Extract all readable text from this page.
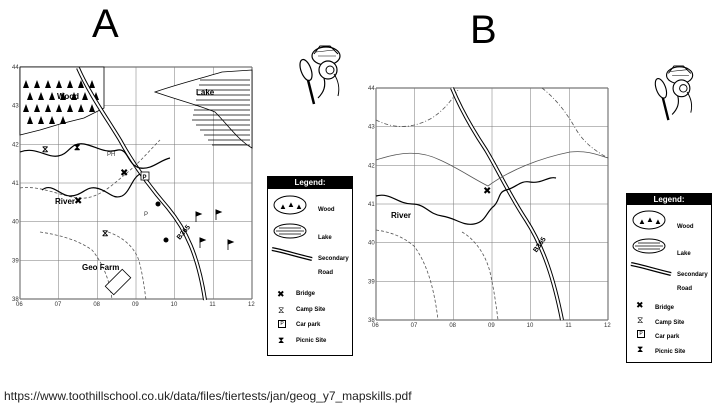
A	B
06	07	08	09	10	11	12
44
43
42
41
40
39
38
⧖	⧗
⧖
P
✖
✖
Wood	Lake
River
B365
Geo Farm
PH
P
06	07	08	09	10	11	12
44
43
42
41
40
39
38
✖
River
B365
Legend:
▲ ▲ ▲	Wood
Lake
Secondary
Road
✖ Bridge
⧖ Camp Site
P	Car park
⧗ Picnic Site
Legend:
▲ ▲ ▲
Wood
Lake
Secondary
Road
✖ Bridge
⧖ Camp Site
P	Car park
⧗ Picnic Site
https://www.toothillschool.co.uk/data/files/tiertests/jan/geog_y7_mapskills.pdf
